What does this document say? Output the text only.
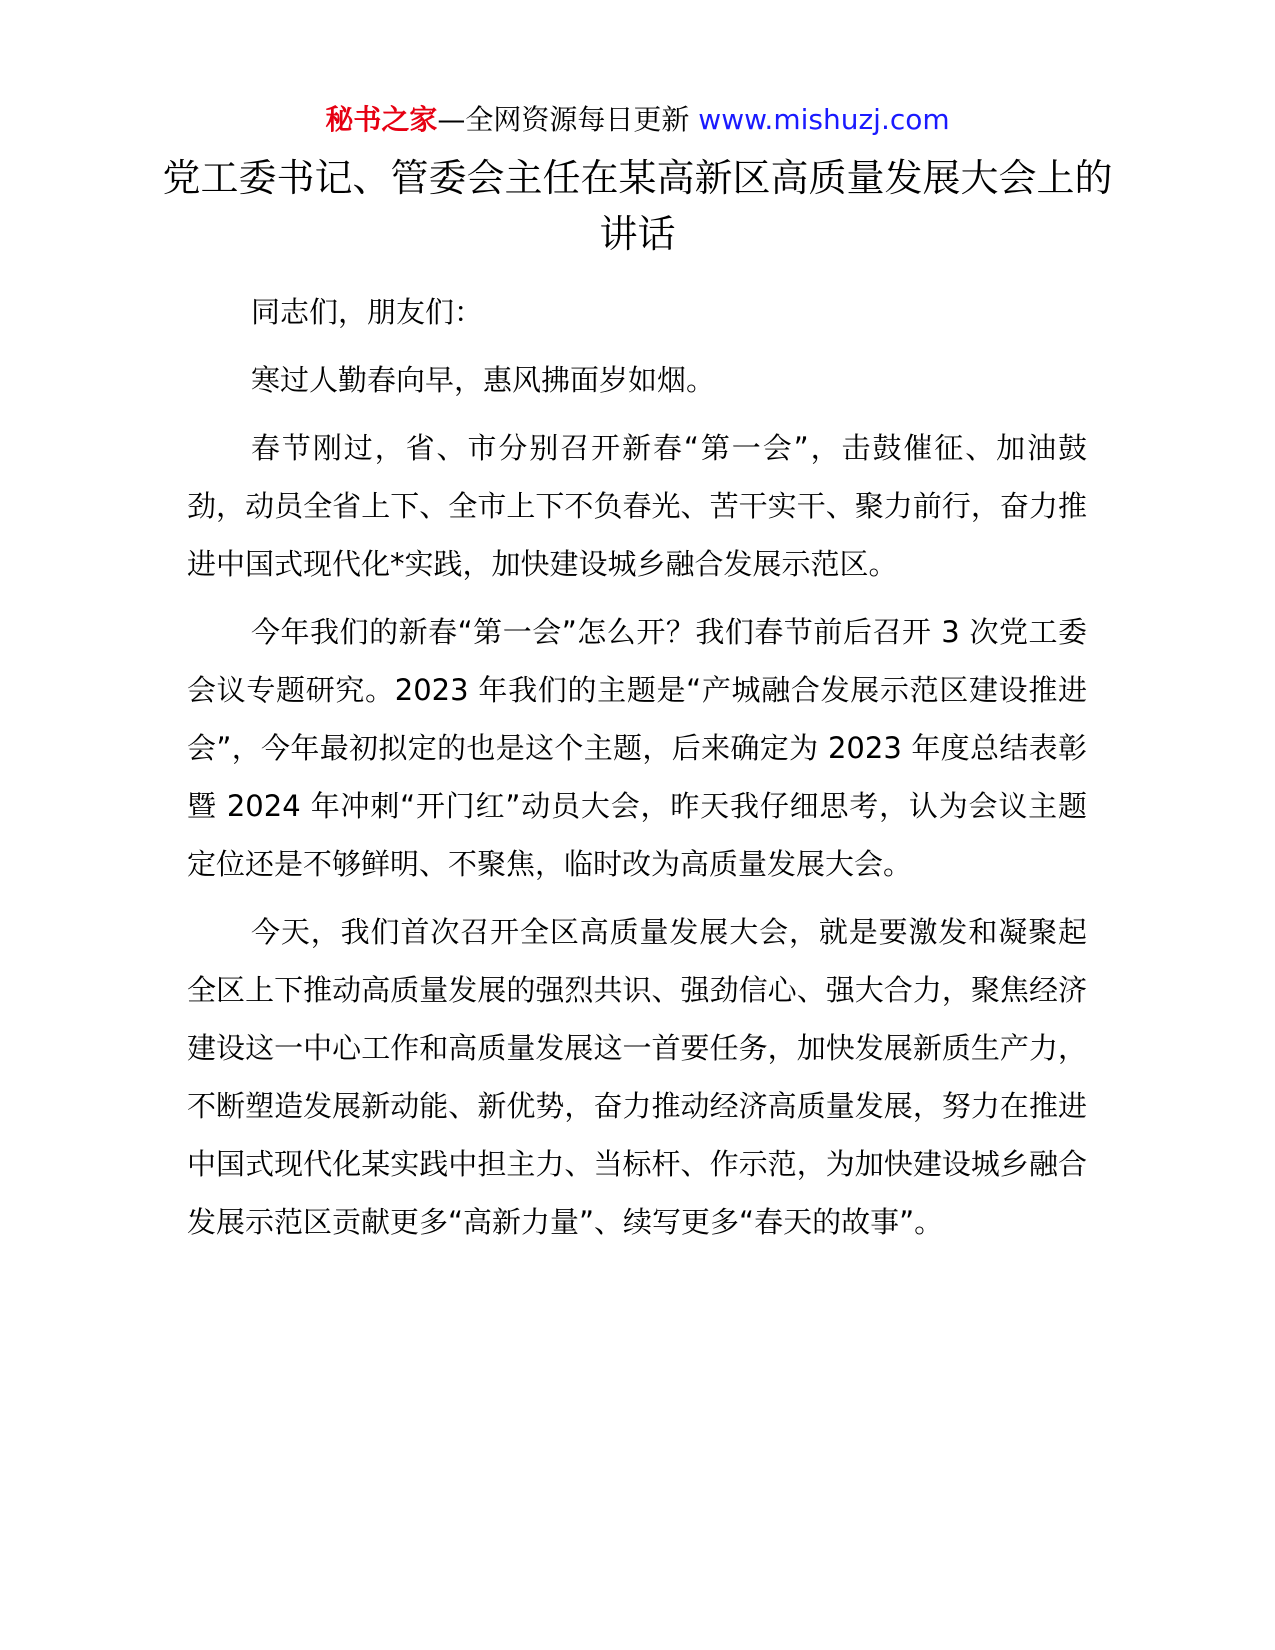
秘书之家—全网资源每日更新 www.mishuzj.com
党工委书记、管委会主任在某高新区高质量发展大会上的讲话

同志们，朋友们：

寒过人勤春向早，惠风拂面岁如烟。

春节刚过，省、市分别召开新春“第一会”，击鼓催征、加油鼓劲，动员全省上下、全市上下不负春光、苦干实干、聚力前行，奋力推进中国式现代化*实践，加快建设城乡融合发展示范区。

今年我们的新春“第一会”怎么开？我们春节前后召开 3 次党工委会议专题研究。2023 年我们的主题是“产城融合发展示范区建设推进会”，今年最初拟定的也是这个主题，后来确定为 2023 年度总结表彰暨 2024 年冲刺“开门红”动员大会，昨天我仔细思考，认为会议主题定位还是不够鲜明、不聚焦，临时改为高质量发展大会。

今天，我们首次召开全区高质量发展大会，就是要激发和凝聚起全区上下推动高质量发展的强烈共识、强劲信心、强大合力，聚焦经济建设这一中心工作和高质量发展这一首要任务，加快发展新质生产力，不断塑造发展新动能、新优势，奋力推动经济高质量发展，努力在推进中国式现代化某实践中担主力、当标杆、作示范，为加快建设城乡融合发展示范区贡献更多“高新力量”、续写更多“春天的故事”。
